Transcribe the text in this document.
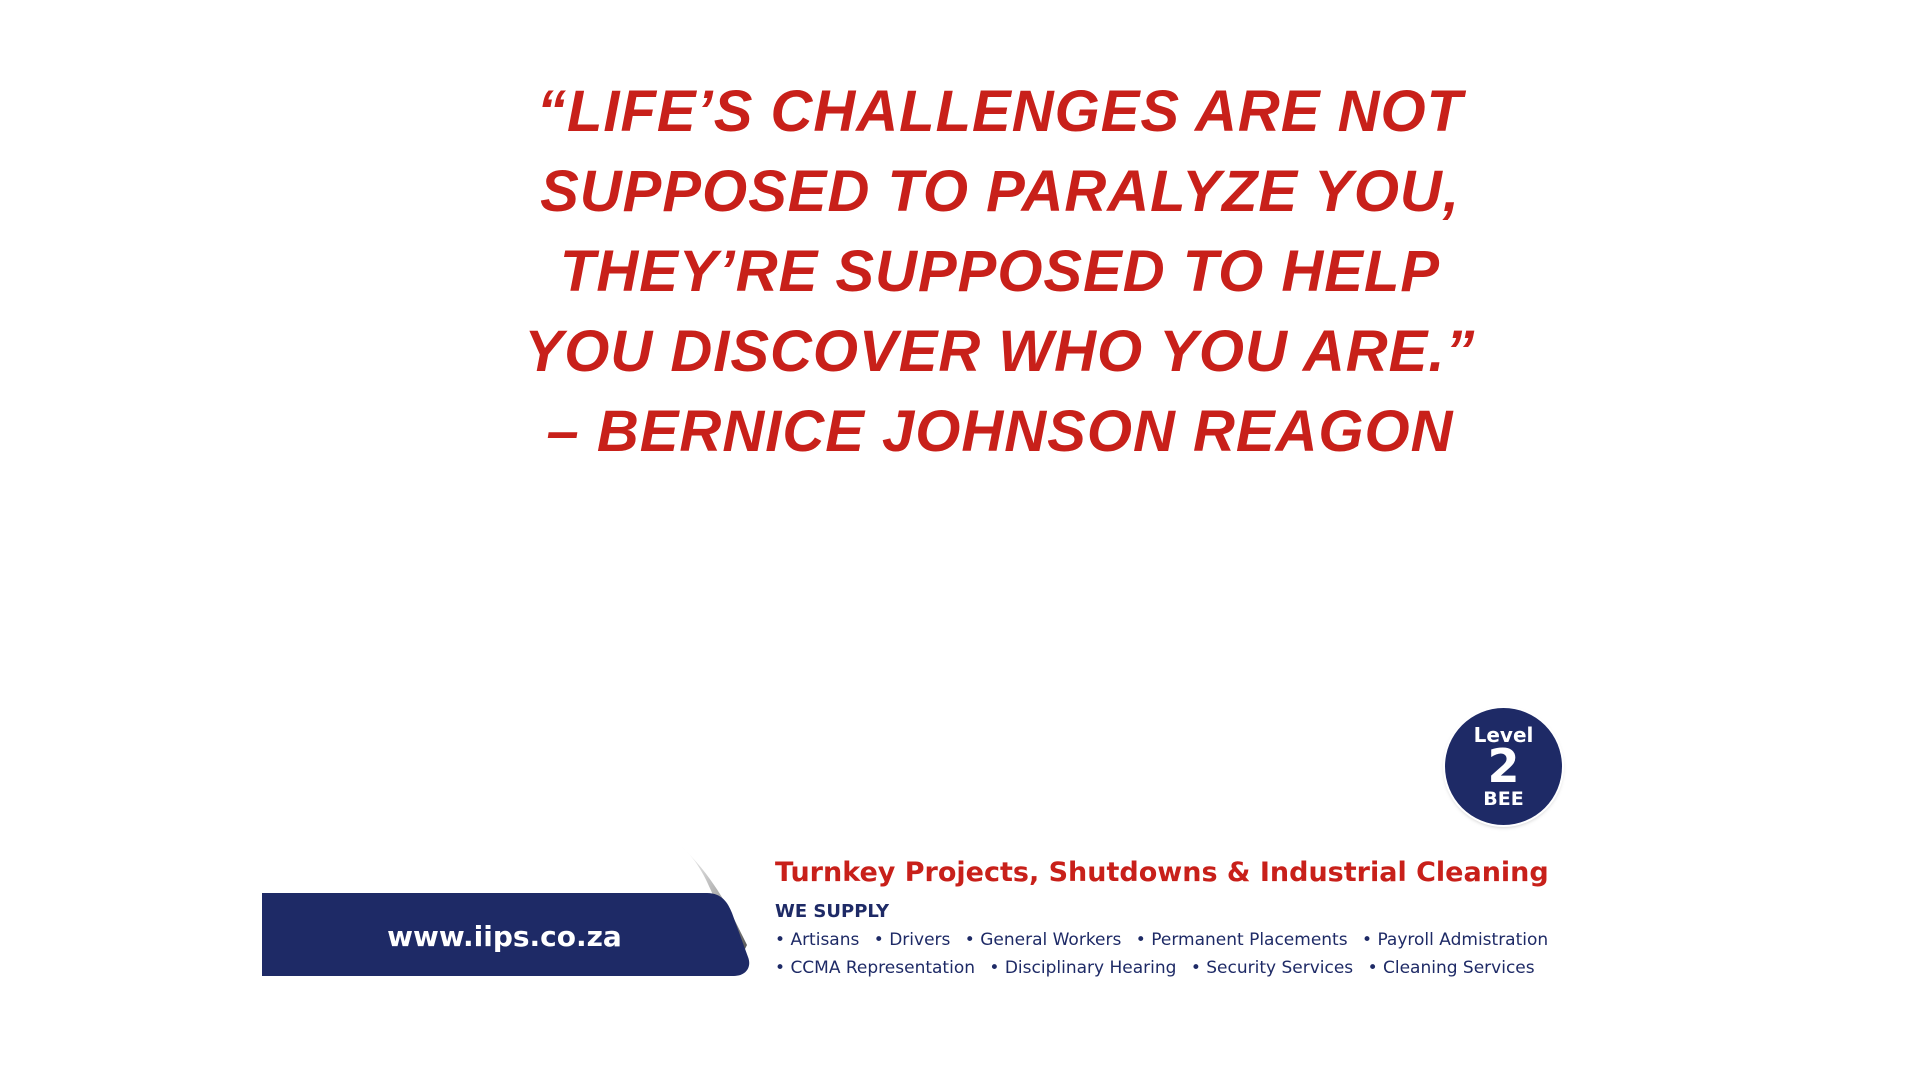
“LIFE’S CHALLENGES ARE NOT
SUPPOSED TO PARALYZE YOU,
THEY’RE SUPPOSED TO HELP
YOU DISCOVER WHO YOU ARE.”
– BERNICE JOHNSON REAGON
Level
2
BEE
www.iips.co.za
Turnkey Projects, Shutdowns & Industrial Cleaning
WE SUPPLY
• Artisans • Drivers • General Workers • Permanent Placements • Payroll Admistration
• CCMA Representation • Disciplinary Hearing • Security Services • Cleaning Services
